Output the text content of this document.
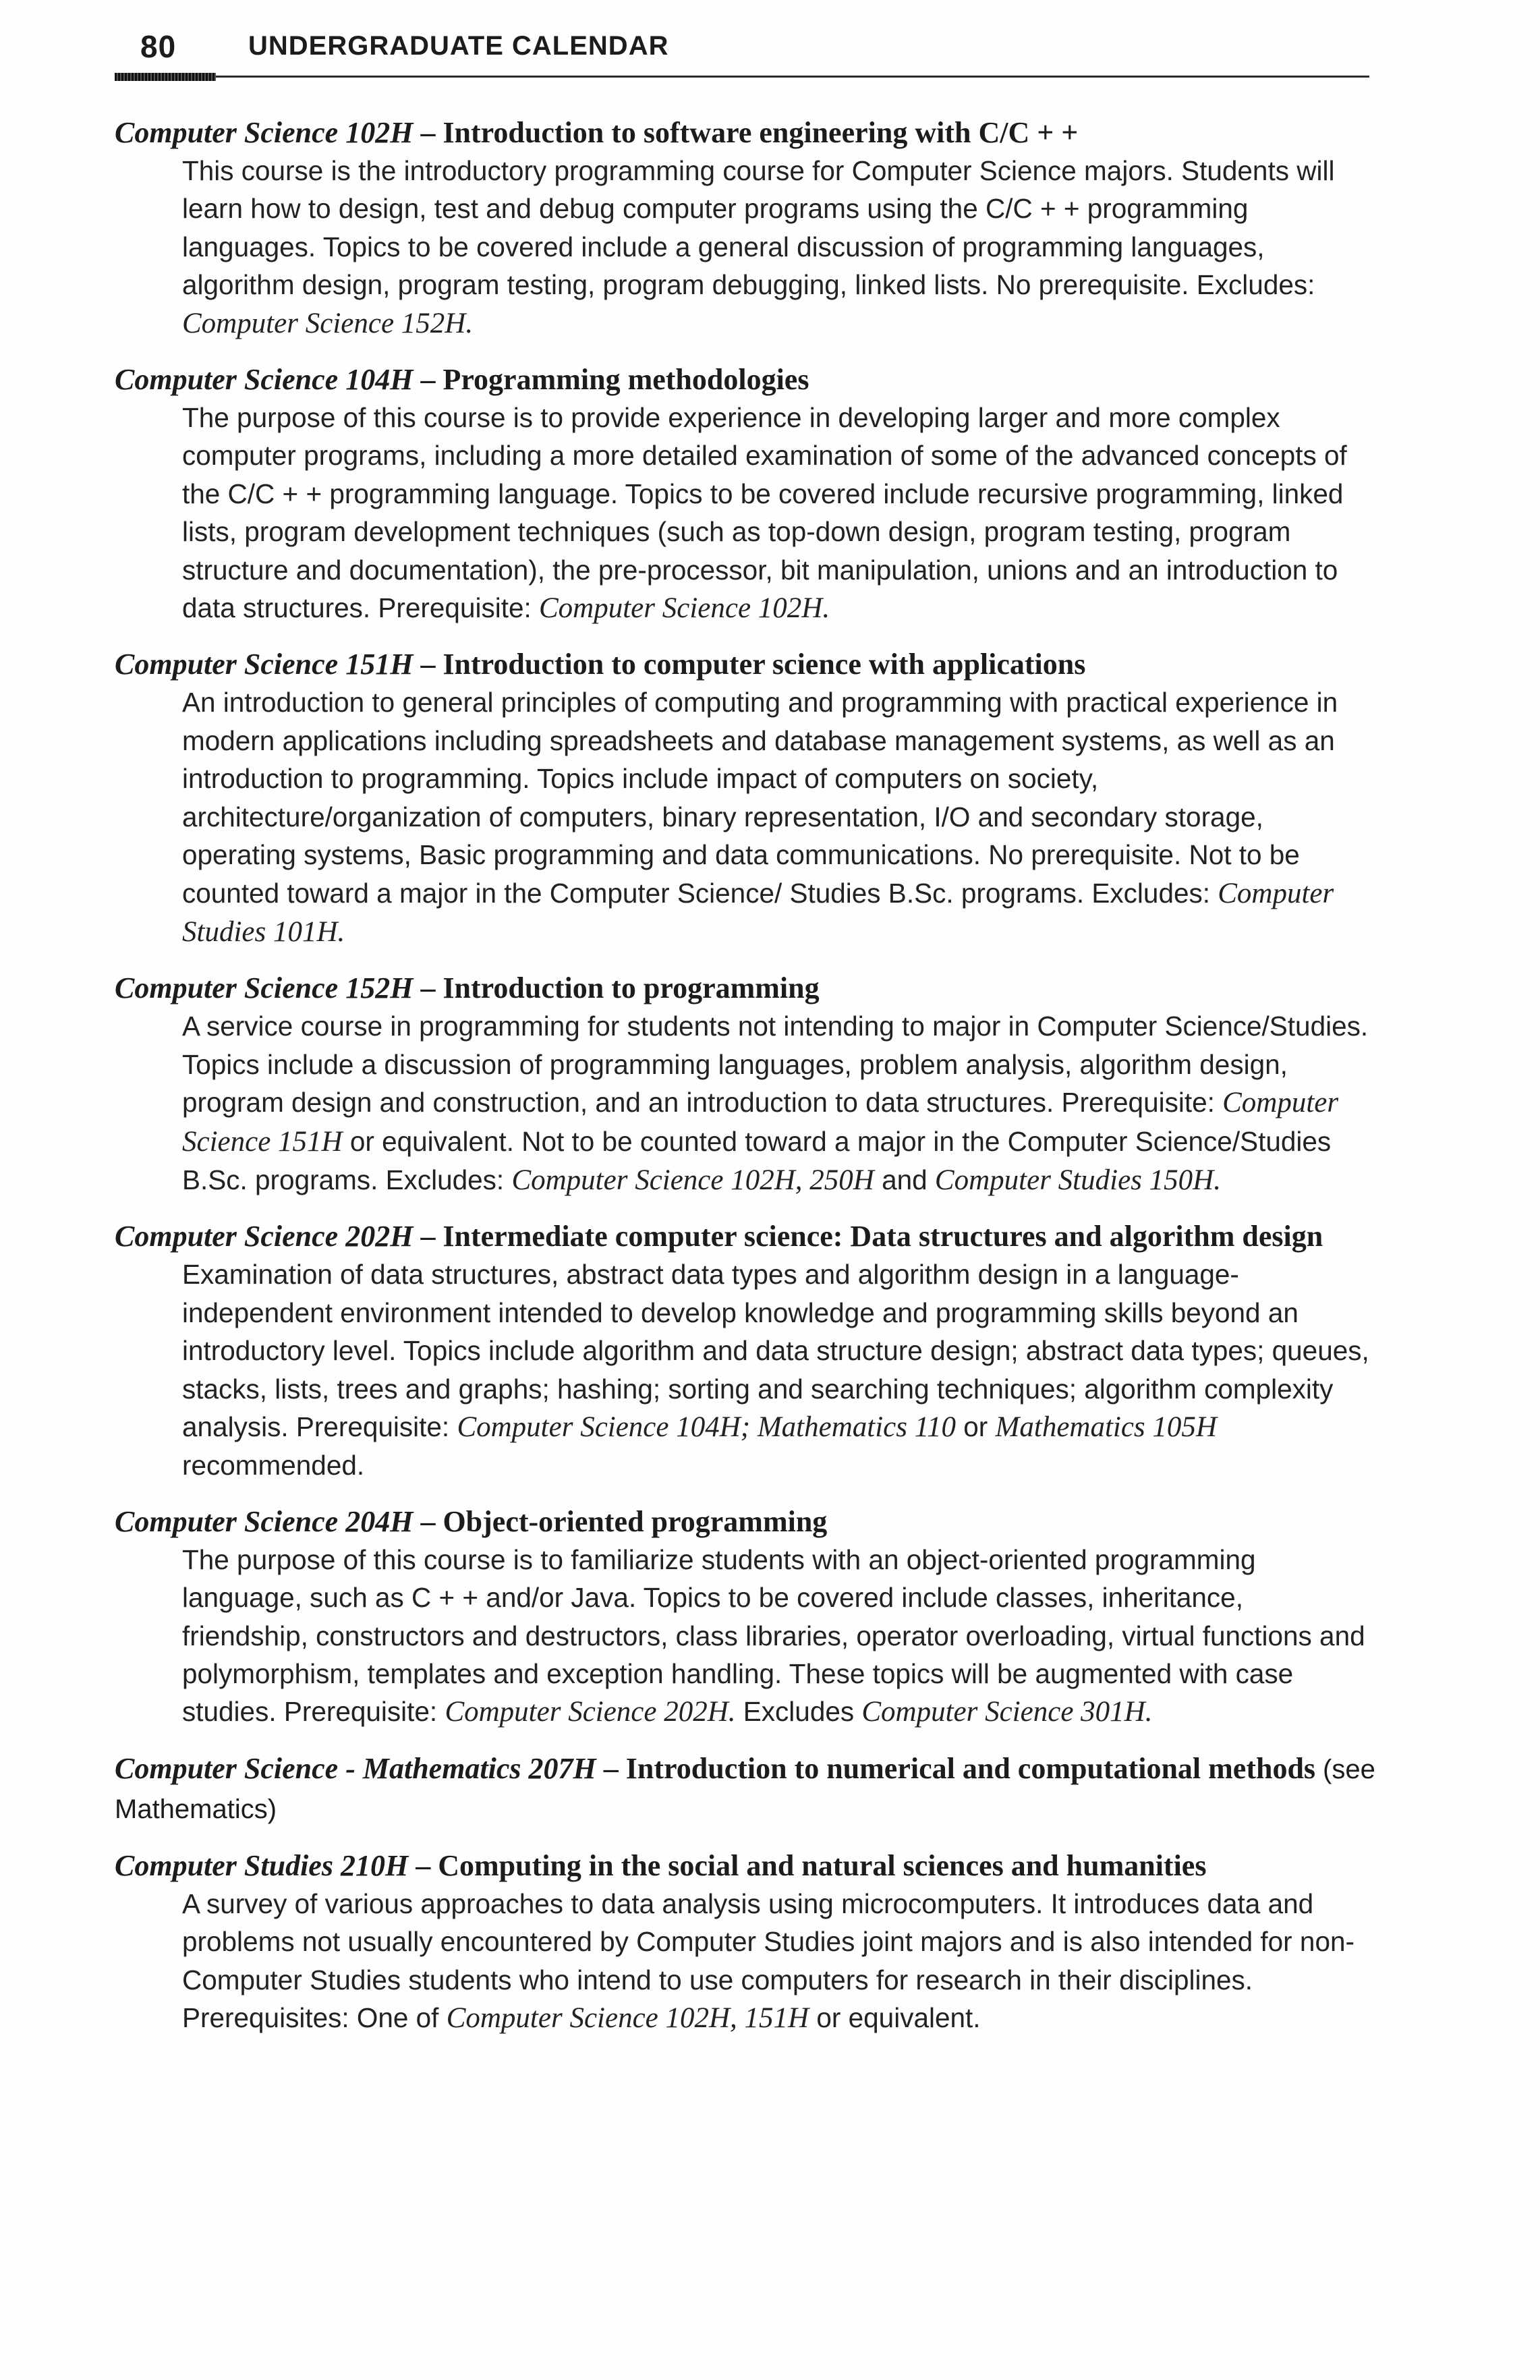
80	UNDERGRADUATE CALENDAR

Computer Science 102H – Introduction to software engineering with C/C + +

This course is the introductory programming course for Computer Science majors. Students will learn how to design, test and debug computer programs using the C/C + + programming languages. Topics to be covered include a general discussion of programming languages, algorithm design, program testing, program debugging, linked lists. No prerequisite. Excludes: Computer Science 152H.

Computer Science 104H – Programming methodologies

The purpose of this course is to provide experience in developing larger and more complex computer programs, including a more detailed examination of some of the advanced concepts of the C/C + + programming language. Topics to be covered include recursive programming, linked lists, program development techniques (such as top-down design, program testing, program structure and documentation), the pre-processor, bit manipulation, unions and an introduction to data structures. Prerequisite: Computer Science 102H.

Computer Science 151H – Introduction to computer science with applications

An introduction to general principles of computing and programming with practical experience in modern applications including spreadsheets and database management systems, as well as an introduction to programming. Topics include impact of computers on society, architecture/organization of computers, binary representation, I/O and secondary storage, operating systems, Basic programming and data communications. No prerequisite. Not to be counted toward a major in the Computer Science/ Studies B.Sc. programs. Excludes: Computer Studies 101H.

Computer Science 152H – Introduction to programming

A service course in programming for students not intending to major in Computer Science/Studies. Topics include a discussion of programming languages, problem analysis, algorithm design, program design and construction, and an introduction to data structures. Prerequisite: Computer Science 151H or equivalent. Not to be counted toward a major in the Computer Science/Studies B.Sc. programs. Excludes: Computer Science 102H, 250H and Computer Studies 150H.

Computer Science 202H – Intermediate computer science: Data structures and algorithm design

Examination of data structures, abstract data types and algorithm design in a language-independent environment intended to develop knowledge and programming skills beyond an introductory level. Topics include algorithm and data structure design; abstract data types; queues, stacks, lists, trees and graphs; hashing; sorting and searching techniques; algorithm complexity analysis. Prerequisite: Computer Science 104H; Mathematics 110 or Mathematics 105H recommended.

Computer Science 204H – Object-oriented programming

The purpose of this course is to familiarize students with an object-oriented programming language, such as C + + and/or Java. Topics to be covered include classes, inheritance, friendship, constructors and destructors, class libraries, operator overloading, virtual functions and polymorphism, templates and exception handling. These topics will be augmented with case studies. Prerequisite: Computer Science 202H. Excludes Computer Science 301H.

Computer Science - Mathematics 207H – Introduction to numerical and computational methods (see Mathematics)

Computer Studies 210H – Computing in the social and natural sciences and humanities

A survey of various approaches to data analysis using microcomputers. It introduces data and problems not usually encountered by Computer Studies joint majors and is also intended for non-Computer Studies students who intend to use computers for research in their disciplines. Prerequisites: One of Computer Science 102H, 151H or equivalent.
